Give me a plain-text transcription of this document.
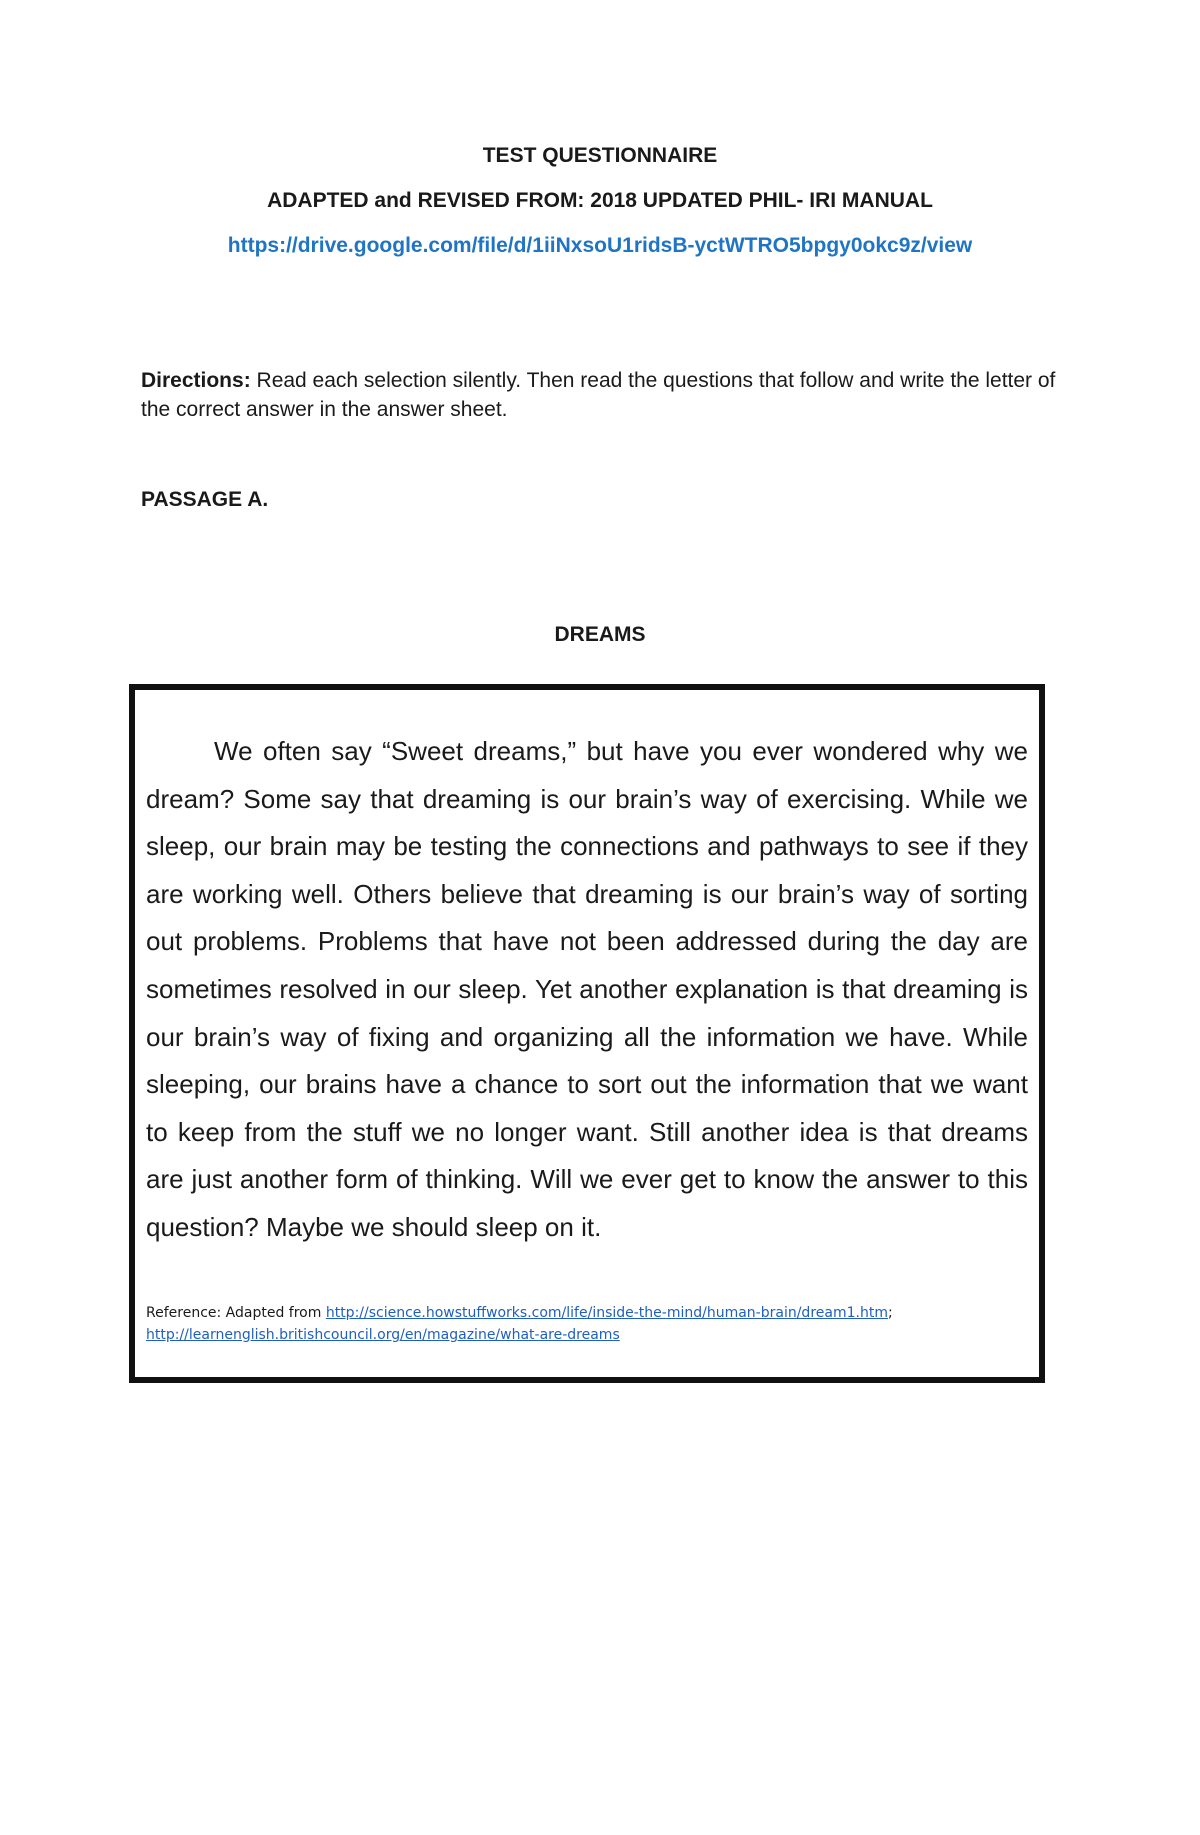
TEST QUESTIONNAIRE
ADAPTED and REVISED FROM: 2018 UPDATED PHIL- IRI MANUAL
https://drive.google.com/file/d/1iiNxsoU1ridsB-yctWTRO5bpgy0okc9z/view
Directions: Read each selection silently. Then read the questions that follow and write the letter of the correct answer in the answer sheet.
PASSAGE A.
DREAMS

We often say “Sweet dreams,” but have you ever wondered why we dream? Some say that dreaming is our brain’s way of exercising. While we sleep, our brain may be testing the connections and pathways to see if they are working well. Others believe that dreaming is our brain’s way of sorting out problems. Problems that have not been addressed during the day are sometimes resolved in our sleep. Yet another explanation is that dreaming is our brain’s way of fixing and organizing all the information we have. While sleeping, our brains have a chance to sort out the information that we want to keep from the stuff we no longer want. Still another idea is that dreams are just another form of thinking. Will we ever get to know the answer to this question? Maybe we should sleep on it.

Reference: Adapted from http://science.howstuffworks.com/life/inside-the-mind/human-brain/dream1.htm;
http://learnenglish.britishcouncil.org/en/magazine/what-are-dreams
